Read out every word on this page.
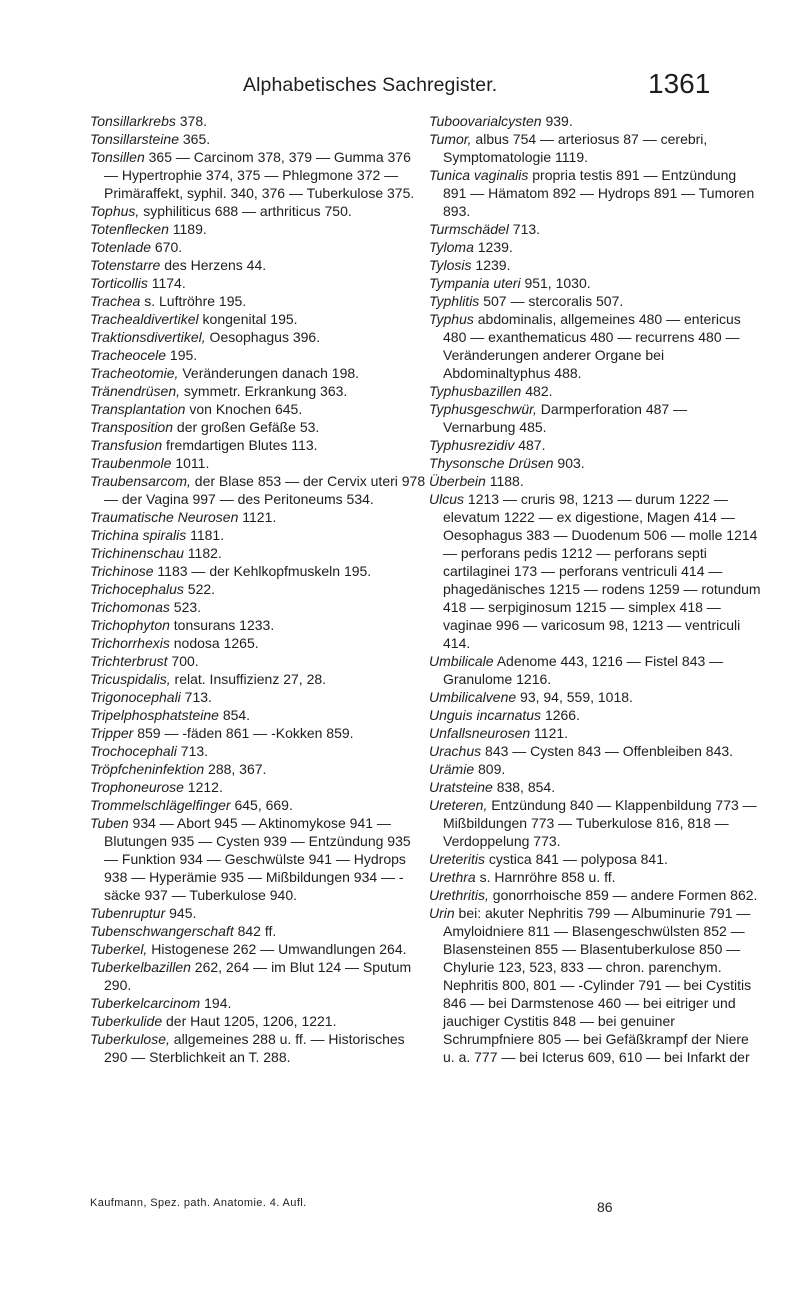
Alphabetisches Sachregister.	1361
Tonsillarkrebs 378.
Tonsillarsteine 365.
Tonsillen 365 — Carcinom 378, 379 — Gumma 376 — Hypertrophie 374, 375 — Phlegmone 372 — Primäraffekt, syphil. 340, 376 — Tuberkulose 375.
Tophus, syphiliticus 688 — arthriticus 750.
Totenflecken 1189.
Totenlade 670.
Totenstarre des Herzens 44.
Torticollis 1174.
Trachea s. Luftröhre 195.
Trachealdivertikel kongenital 195.
Traktionsdivertikel, Oesophagus 396.
Tracheocele 195.
Tracheotomie, Veränderungen danach 198.
Tränendrüsen, symmetr. Erkrankung 363.
Transplantation von Knochen 645.
Transposition der großen Gefäße 53.
Transfusion fremdartigen Blutes 113.
Traubenmole 1011.
Traubensarcom, der Blase 853 — der Cervix uteri 978 — der Vagina 997 — des Peritoneums 534.
Traumatische Neurosen 1121.
Trichina spiralis 1181.
Trichinenschau 1182.
Trichinose 1183 — der Kehlkopfmuskeln 195.
Trichocephalus 522.
Trichomonas 523.
Trichophyton tonsurans 1233.
Trichorrhexis nodosa 1265.
Trichterbrust 700.
Tricuspidalis, relat. Insuffizienz 27, 28.
Trigonocephali 713.
Tripelphosphatsteine 854.
Tripper 859 — -fäden 861 — -Kokken 859.
Trochocephali 713.
Tröpfcheninfektion 288, 367.
Trophoneurose 1212.
Trommelschlägelfinger 645, 669.
Tuben 934 — Abort 945 — Aktinomykose 941 — Blutungen 935 — Cysten 939 — Entzündung 935 — Funktion 934 — Geschwülste 941 — Hydrops 938 — Hyperämie 935 — Mißbildungen 934 — -säcke 937 — Tuberkulose 940.
Tubenruptur 945.
Tubenschwangerschaft 842 ff.
Tuberkel, Histogenese 262 — Umwandlungen 264.
Tuberkelbazillen 262, 264 — im Blut 124 — Sputum 290.
Tuberkelcarcinom 194.
Tuberkulide der Haut 1205, 1206, 1221.
Tuberkulose, allgemeines 288 u. ff. — Historisches 290 — Sterblichkeit an T. 288.
Tuboovarialcysten 939.
Tumor, albus 754 — arteriosus 87 — cerebri, Symptomatologie 1119.
Tunica vaginalis propria testis 891 — Entzündung 891 — Hämatom 892 — Hydrops 891 — Tumoren 893.
Turmschädel 713.
Tyloma 1239.
Tylosis 1239.
Tympania uteri 951, 1030.
Typhlitis 507 — stercoralis 507.
Typhus abdominalis, allgemeines 480 — entericus 480 — exanthematicus 480 — recurrens 480 — Veränderungen anderer Organe bei Abdominaltyphus 488.
Typhusbazillen 482.
Typhusgeschwür, Darmperforation 487 — Vernarbung 485.
Typhusrezidiv 487.
Thysonsche Drüsen 903.
Überbein 1188.
Ulcus 1213 — cruris 98, 1213 — durum 1222 — elevatum 1222 — ex digestione, Magen 414 — Oesophagus 383 — Duodenum 506 — molle 1214 — perforans pedis 1212 — perforans septi cartilaginei 173 — perforans ventriculi 414 — phagedänisches 1215 — rodens 1259 — rotundum 418 — serpiginosum 1215 — simplex 418 — vaginae 996 — varicosum 98, 1213 — ventriculi 414.
Umbilicale Adenome 443, 1216 — Fistel 843 — Granulome 1216.
Umbilicalvene 93, 94, 559, 1018.
Unguis incarnatus 1266.
Unfallsneurosen 1121.
Urachus 843 — Cysten 843 — Offenbleiben 843.
Urämie 809.
Uratsteine 838, 854.
Ureteren, Entzündung 840 — Klappenbildung 773 — Mißbildungen 773 — Tuberkulose 816, 818 — Verdoppelung 773.
Ureteritis cystica 841 — polyposa 841.
Urethra s. Harnröhre 858 u. ff.
Urethritis, gonorrhoische 859 — andere Formen 862.
Urin bei: akuter Nephritis 799 — Albuminurie 791 — Amyloidniere 811 — Blasengeschwülsten 852 — Blasensteinen 855 — Blasentuberkulose 850 — Chylurie 123, 523, 833 — chron. parenchym. Nephritis 800, 801 — -Cylinder 791 — bei Cystitis 846 — bei Darmstenose 460 — bei eitriger und jauchiger Cystitis 848 — bei genuiner Schrumpfniere 805 — bei Gefäßkrampf der Niere u. a. 777 — bei Icterus 609, 610 — bei Infarkt der
Kaufmann, Spez. path. Anatomie. 4. Aufl.	86
